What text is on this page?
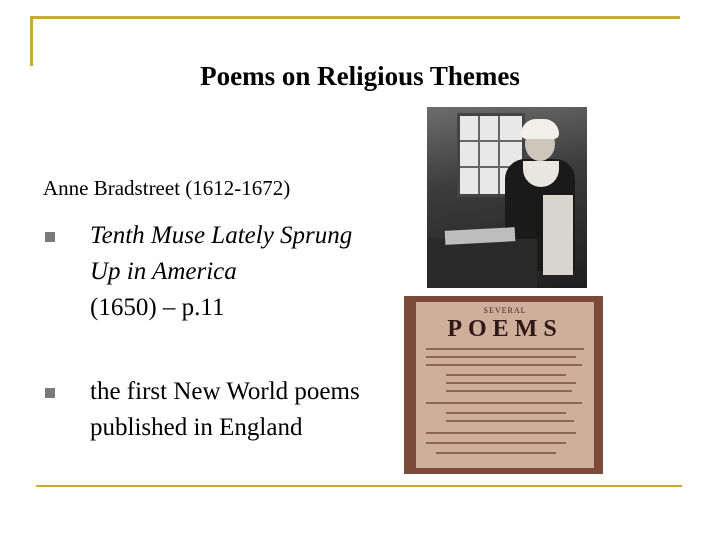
Poems on Religious Themes
Anne Bradstreet (1612-1672)
Tenth Muse Lately Sprung Up in America
(1650) – p.11
the first New World poems published in England
SEVERAL
POEMS
